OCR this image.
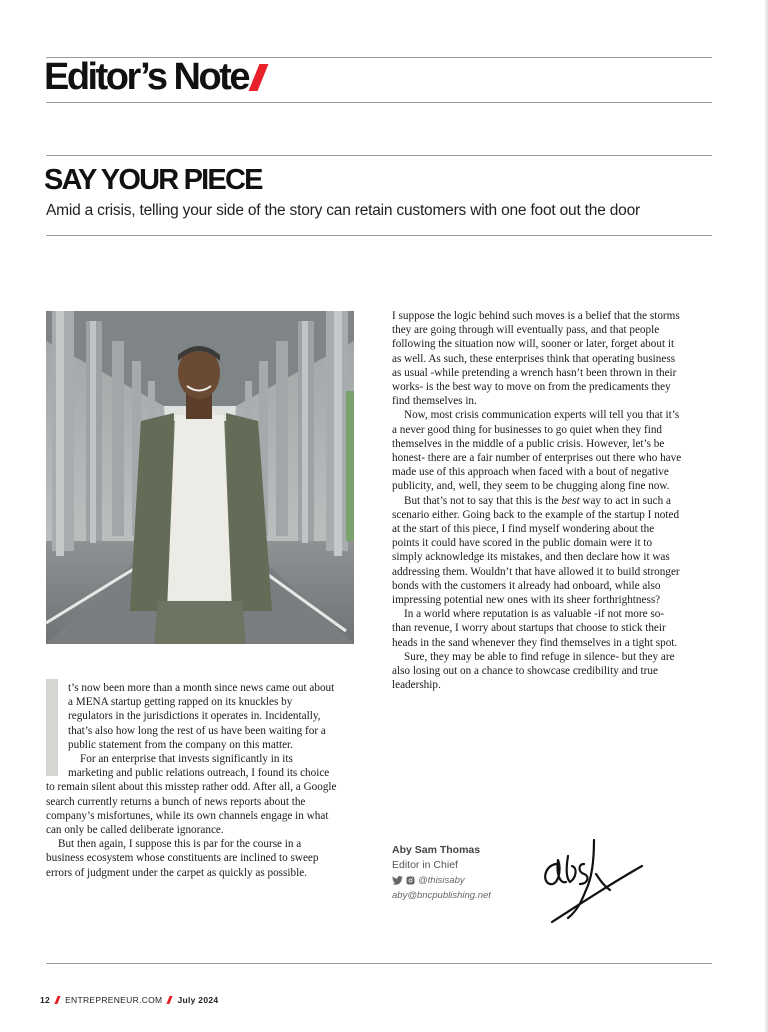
Editor’s Note
SAY YOUR PIECE
Amid a crisis, telling your side of the story can retain customers with one foot out the door

t’s now been more than a month since news came out about a MENA startup getting rapped on its knuckles by regulators in the jurisdictions it operates in. Incidentally, that’s also how long the rest of us have been waiting for a public statement from the company on this matter.

For an enterprise that invests significantly in its marketing and public relations outreach, I found its choice to remain silent about this misstep rather odd. After all, a Google search currently returns a bunch of news reports about the company’s misfortunes, while its own channels engage in what can only be called deliberate ignorance.

But then again, I suppose this is par for the course in a business ecosystem whose constituents are inclined to sweep errors of judgment under the carpet as quickly as possible.

I suppose the logic behind such moves is a belief that the storms they are going through will eventually pass, and that people following the situation now will, sooner or later, forget about it as well. As such, these enterprises think that operating business as usual -while pretending a wrench hasn’t been thrown in their works- is the best way to move on from the predicaments they find themselves in.

Now, most crisis communication experts will tell you that it’s a never good thing for businesses to go quiet when they find themselves in the middle of a public crisis. However, let’s be honest- there are a fair number of enterprises out there who have made use of this approach when faced with a bout of negative publicity, and, well, they seem to be chugging along fine now.

But that’s not to say that this is the best way to act in such a scenario either. Going back to the example of the startup I noted at the start of this piece, I find myself wondering about the points it could have scored in the public domain were it to simply acknowledge its mistakes, and then declare how it was addressing them. Wouldn’t that have allowed it to build stronger bonds with the customers it already had onboard, while also impressing potential new ones with its sheer forthrightness?

In a world where reputation is as valuable -if not more so- than revenue, I worry about startups that choose to stick their heads in the sand whenever they find themselves in a tight spot.

Sure, they may be able to find refuge in silence- but they are also losing out on a chance to showcase credibility and true leadership.

Aby Sam Thomas
Editor in Chief
@thisisaby
aby@bncpublishing.net
12 ENTREPRENEUR.COM July 2024
